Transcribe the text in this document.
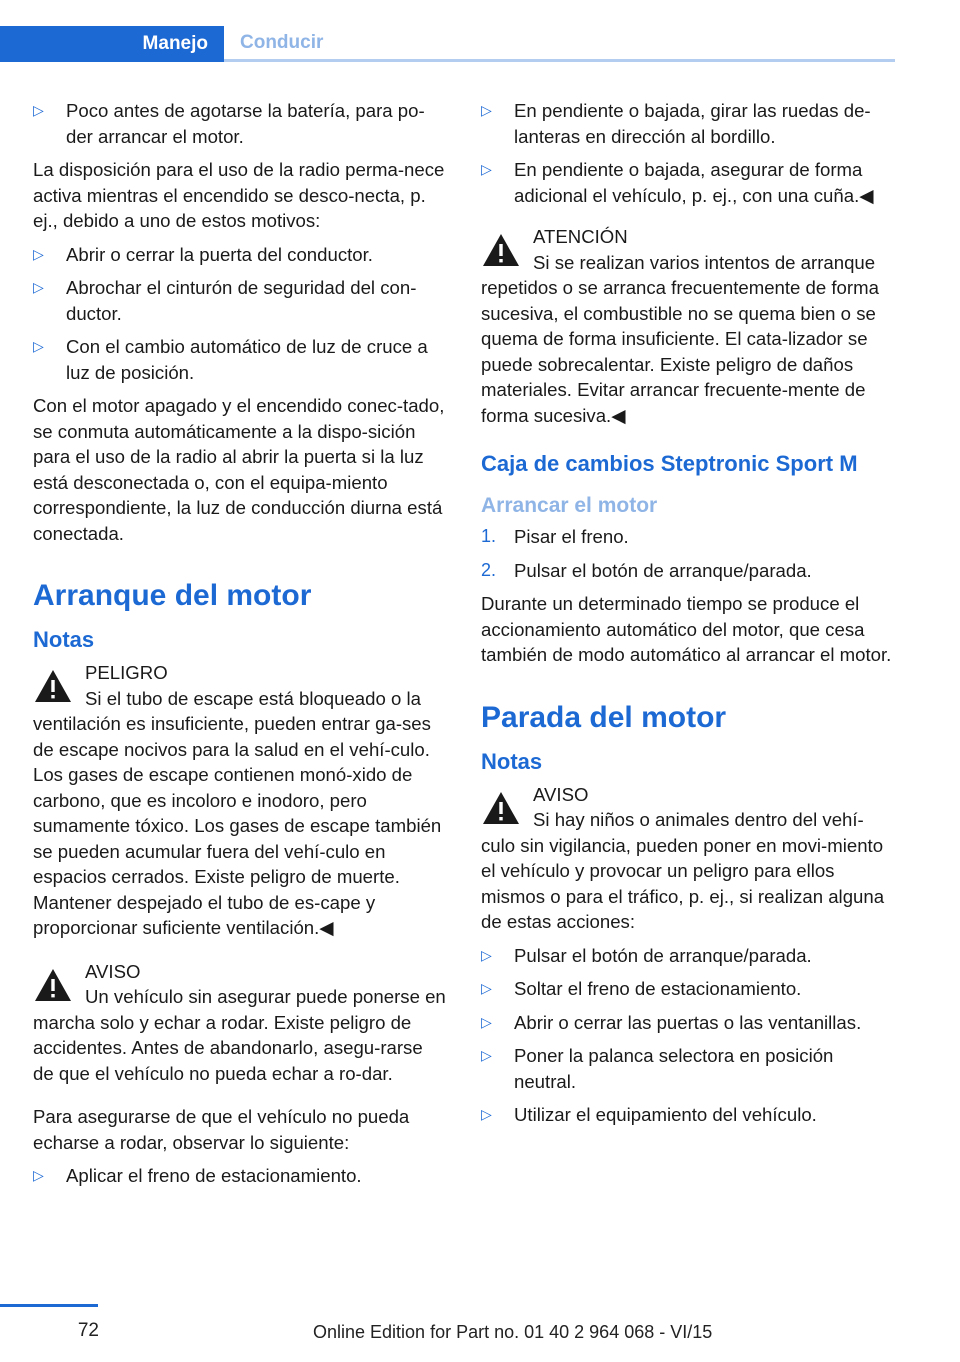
Manejo	Conducir
▷ Poco antes de agotarse la batería, para po‐der arrancar el motor.
La disposición para el uso de la radio perma‐nece activa mientras el encendido se desco‐necta, p. ej., debido a uno de estos motivos:
▷ Abrir o cerrar la puerta del conductor.
▷ Abrochar el cinturón de seguridad del con‐ductor.
▷ Con el cambio automático de luz de cruce a luz de posición.
Con el motor apagado y el encendido conec‐tado, se conmuta automáticamente a la dispo‐sición para el uso de la radio al abrir la puerta si la luz está desconectada o, con el equipa‐miento correspondiente, la luz de conducción diurna está conectada.
Arranque del motor
Notas
PELIGRO
Si el tubo de escape está bloqueado o la ventilación es insuficiente, pueden entrar ga‐ses de escape nocivos para la salud en el vehí‐culo. Los gases de escape contienen monó‐xido de carbono, que es incoloro e inodoro, pero sumamente tóxico. Los gases de escape también se pueden acumular fuera del vehí‐culo en espacios cerrados. Existe peligro de muerte. Mantener despejado el tubo de es‐cape y proporcionar suficiente ventilación.◀
AVISO
Un vehículo sin asegurar puede ponerse en marcha solo y echar a rodar. Existe peligro de accidentes. Antes de abandonarlo, asegu‐rarse de que el vehículo no pueda echar a ro‐dar.
Para asegurarse de que el vehículo no pueda echarse a rodar, observar lo siguiente:
▷ Aplicar el freno de estacionamiento.
▷ En pendiente o bajada, girar las ruedas de‐lanteras en dirección al bordillo.
▷ En pendiente o bajada, asegurar de forma adicional el vehículo, p. ej., con una cuña.◀
ATENCIÓN
Si se realizan varios intentos de arranque repetidos o se arranca frecuentemente de forma sucesiva, el combustible no se quema bien o se quema de forma insuficiente. El cata‐lizador se puede sobrecalentar. Existe peligro de daños materiales. Evitar arrancar frecuente‐mente de forma sucesiva.◀
Caja de cambios Steptronic Sport M
Arrancar el motor
1. Pisar el freno.
2. Pulsar el botón de arranque/parada.
Durante un determinado tiempo se produce el accionamiento automático del motor, que cesa también de modo automático al arrancar el motor.
Parada del motor
Notas
AVISO
Si hay niños o animales dentro del vehí‐culo sin vigilancia, pueden poner en movi‐miento el vehículo y provocar un peligro para ellos mismos o para el tráfico, p. ej., si realizan alguna de estas acciones:
▷ Pulsar el botón de arranque/parada.
▷ Soltar el freno de estacionamiento.
▷ Abrir o cerrar las puertas o las ventanillas.
▷ Poner la palanca selectora en posición neutral.
▷ Utilizar el equipamiento del vehículo.
72	Online Edition for Part no. 01 40 2 964 068 - VI/15
